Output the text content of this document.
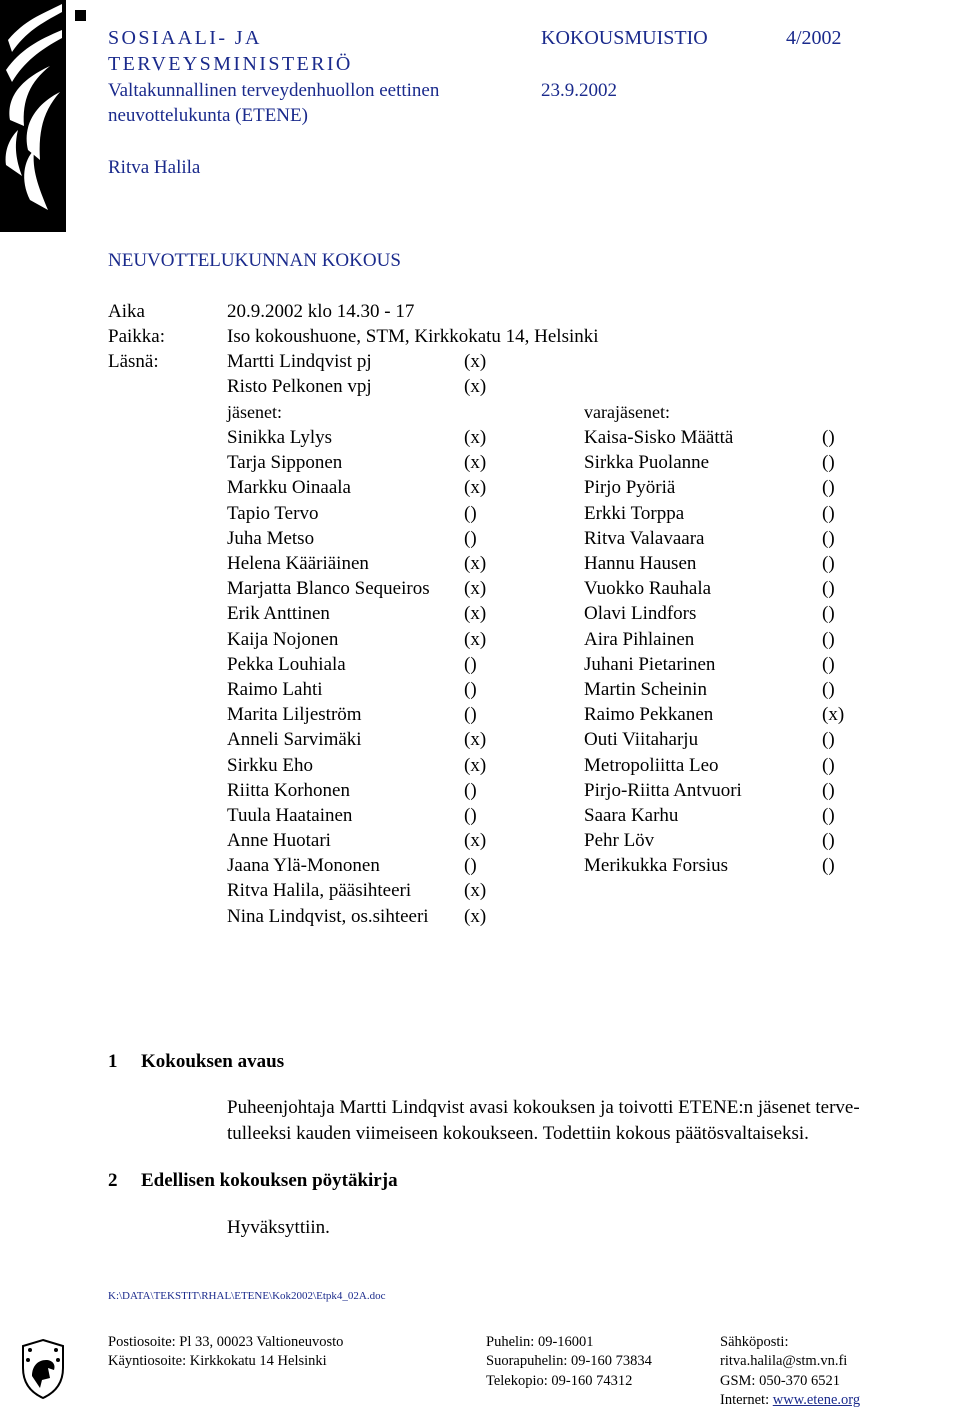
SOSIAALI- JA
TERVEYSMINISTERIÖ
Valtakunnallinen terveydenhuollon eettinen
neuvottelukunta (ETENE)
Ritva Halila
KOKOUSMUISTIO	4/2002
23.9.2002
NEUVOTTELUKUNNAN KOKOUS
Aika	20.9.2002 klo 14.30 - 17
Paikka:	Iso kokoushuone, STM, Kirkkokatu 14, Helsinki
Läsnä:	Martti Lindqvist pj	(x)
Risto Pelkonen vpj	(x)
jäsenet:	varajäsenet:
Sinikka Lylys	(x)	Kaisa-Sisko Määttä	()
Tarja Sipponen	(x)	Sirkka Puolanne	()
Markku Oinaala	(x)	Pirjo Pyöriä	()
Tapio Tervo	()	Erkki Torppa	()
Juha Metso	()	Ritva Valavaara	()
Helena Kääriäinen	(x)	Hannu Hausen	()
Marjatta Blanco Sequeiros (x)	Vuokko Rauhala	()
Erik Anttinen	(x)	Olavi Lindfors	()
Kaija Nojonen	(x)	Aira Pihlainen	()
Pekka Louhiala	()	Juhani Pietarinen	()
Raimo Lahti	()	Martin Scheinin	()
Marita Liljeström	()	Raimo Pekkanen	(x)
Anneli Sarvimäki	(x)	Outi Viitaharju	()
Sirkku Eho	(x)	Metropoliitta Leo	()
Riitta Korhonen	()	Pirjo-Riitta Antvuori	()
Tuula Haatainen	()	Saara Karhu	()
Anne Huotari	(x)	Pehr Löv	()
Jaana Ylä-Mononen	()	Merikukka Forsius	()
Ritva Halila, pääsihteeri	(x)
Nina Lindqvist, os.sihteeri (x)
1 Kokouksen avaus
Puheenjohtaja Martti Lindqvist avasi kokouksen ja toivotti ETENE:n jäsenet terve-
tulleeksi kauden viimeiseen kokoukseen. Todettiin kokous päätösvaltaiseksi.
2 Edellisen kokouksen pöytäkirja
Hyväksyttiin.
K:\DATA\TEKSTIT\RHAL\ETENE\Kok2002\Etpk4_02A.doc
Postiosoite: Pl 33, 00023 Valtioneuvosto
Käyntiosoite: Kirkkokatu 14 Helsinki
Puhelin: 09-16001
Suorapuhelin: 09-160 73834
Telekopio: 09-160 74312
Sähköposti:
ritva.halila@stm.vn.fi
GSM: 050-370 6521
Internet: www.etene.org
